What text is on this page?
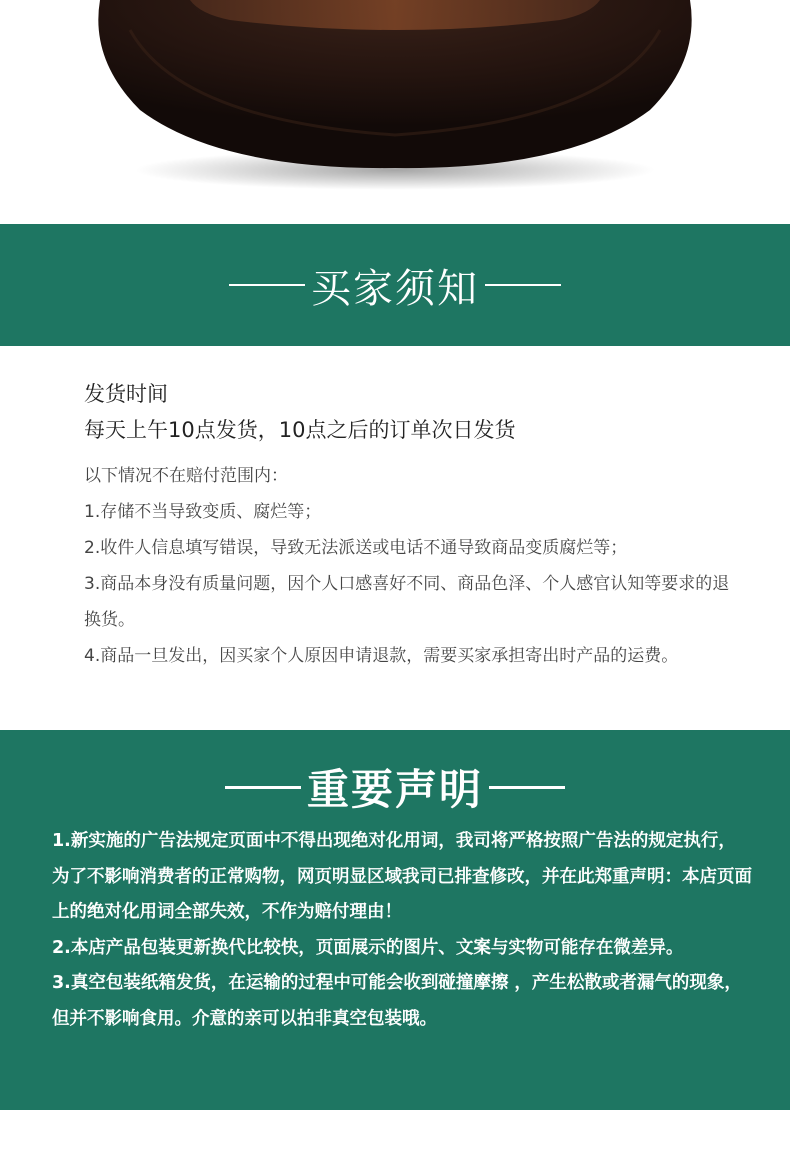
买家须知
发货时间
每天上午10点发货，10点之后的订单次日发货

以下情况不在赔付范围内：

1.存储不当导致变质、腐烂等；

2.收件人信息填写错误，导致无法派送或电话不通导致商品变质腐烂等；

3.商品本身没有质量问题，因个人口感喜好不同、商品色泽、个人感官认知等要求的退换货。

4.商品一旦发出，因买家个人原因申请退款，需要买家承担寄出时产品的运费。

重要声明

1.新实施的广告法规定页面中不得出现绝对化用词，我司将严格按照广告法的规定执行，为了不影响消费者的正常购物，网页明显区域我司已排查修改，并在此郑重声明：本店页面上的绝对化用词全部失效，不作为赔付理由！

2.本店产品包装更新换代比较快，页面展示的图片、文案与实物可能存在微差异。

3.真空包装纸箱发货，在运输的过程中可能会收到碰撞摩擦 ，产生松散或者漏气的现象，但并不影响食用。介意的亲可以拍非真空包装哦。
